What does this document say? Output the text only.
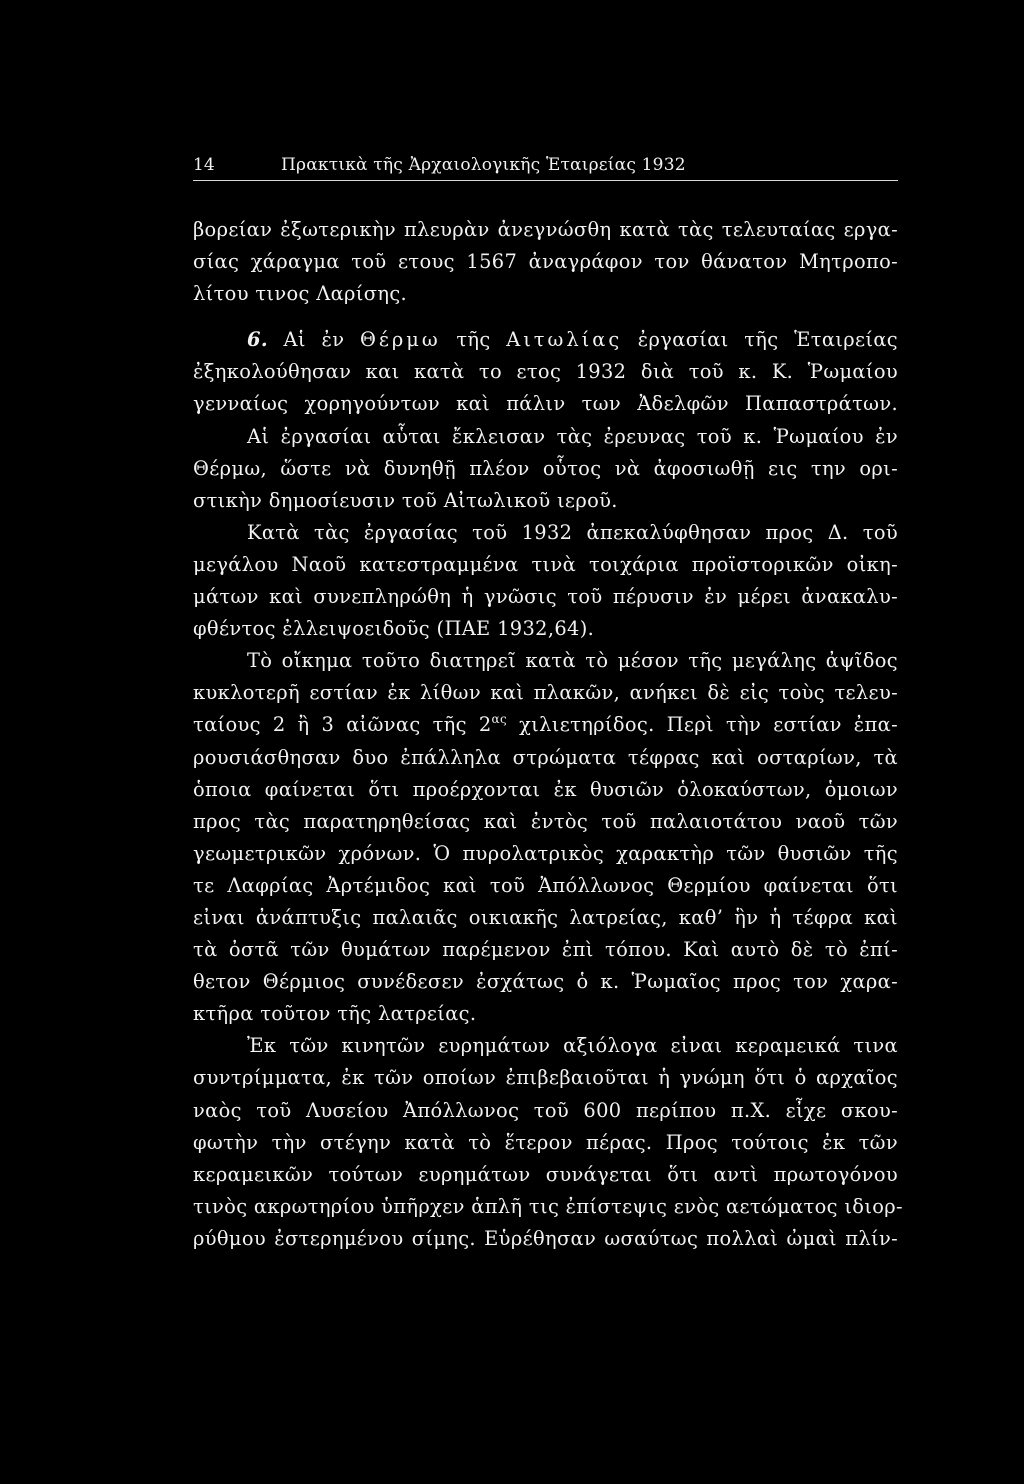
14	Πρακτικὰ τῆς Ἀρχαιολογικῆς Ἑταιρείας 1932
βορείαν ἐξωτερικὴν πλευρὰν ἀνεγνώσθη κατὰ τὰς τελευταίας εργα-
σίας χάραγμα τοῦ ετους 1567 ἀναγράφον τον θάνατον Μητροπο-
λίτου τινος Λαρίσης.
6. Αἱ ἐν Θέρμω τῆς Αιτωλίας ἐργασίαι τῆς Ἑταιρείας
ἐξηκολούθησαν και κατὰ το ετος 1932 διὰ τοῦ κ. Κ. Ῥωμαίου
γενναίως χορηγούντων καὶ πάλιν των Ἀδελφῶν Παπαστράτων.
Αἱ ἐργασίαι αὗται ἔκλεισαν τὰς ἐρευνας τοῦ κ. Ῥωμαίου ἐν
Θέρμω, ὥστε νὰ δυνηθῇ πλέον οὗτος νὰ ἀφοσιωθῇ εις την ορι-
στικὴν δημοσίευσιν τοῦ Αἰτωλικοῦ ιεροῦ.
Κατὰ τὰς ἐργασίας τοῦ 1932 ἀπεκαλύφθησαν προς Δ. τοῦ
μεγάλου Ναοῦ κατεστραμμένα τινὰ τοιχάρια προϊστορικῶν οἰκη-
μάτων καὶ συνεπληρώθη ἡ γνῶσις τοῦ πέρυσιν ἐν μέρει ἀνακαλυ-
φθέντος ἐλλειψοειδοῦς (ΠΑΕ 1932,64).
Τὸ οἴκημα τοῦτο διατηρεῖ κατὰ τὸ μέσον τῆς μεγάλης ἀψῖδος
κυκλοτερῆ εστίαν ἐκ λίθων καὶ πλακῶν, ανήκει δὲ εἰς τοὺς τελευ-
ταίους 2 ἢ 3 αἰῶνας τῆς $2^{\alpha\varsigma}$ χιλιετηρίδος. Περὶ τὴν εστίαν ἐπα-
ρουσιάσθησαν δυο ἐπάλληλα στρώματα τέφρας καὶ οσταρίων, τὰ
ὁποια φαίνεται ὅτι προέρχονται ἐκ θυσιῶν ὁλοκαύστων, ὁμοιων
προς τὰς παρατηρηθείσας καὶ ἐντὸς τοῦ παλαιοτάτου ναοῦ τῶν
γεωμετρικῶν χρόνων. Ὁ πυρολατρικὸς χαρακτὴρ τῶν θυσιῶν τῆς
τε Λαφρίας Ἀρτέμιδος καὶ τοῦ Ἀπόλλωνος Θερμίου φαίνεται ὅτι
εἰναι ἀνάπτυξις παλαιᾶς οικιακῆς λατρείας, καθ’ ἣν ἡ τέφρα καὶ
τὰ ὀστᾶ τῶν θυμάτων παρέμενον ἐπὶ τόπου. Καὶ αυτὸ δὲ τὸ ἐπί-
θετον Θέρμιος συνέδεσεν ἐσχάτως ὁ κ. Ῥωμαῖος προς τον χαρα-
κτῆρα τοῦτον τῆς λατρείας.
Ἐκ τῶν κινητῶν ευρημάτων αξιόλογα εἰναι κεραμεικά τινα
συντρίμματα, ἐκ τῶν οποίων ἐπιβεβαιοῦται ἡ γνώμη ὅτι ὁ αρχαῖος
ναὸς τοῦ Λυσείου Ἀπόλλωνος τοῦ 600 περίπου π.Χ. εἶχε σκου-
φωτὴν τὴν στέγην κατὰ τὸ ἕτερον πέρας. Προς τούτοις ἐκ τῶν
κεραμεικῶν τούτων ευρημάτων συνάγεται ὅτι αντὶ πρωτογόνου
τινὸς ακρωτηρίου ὑπῆρχεν ἁπλῆ τις ἐπίστεψις ενὸς αετώματος ιδιορ-
ρύθμου ἐστερημένου σίμης. Εὑρέθησαν ωσαύτως πολλαὶ ὠμαὶ πλίν-
